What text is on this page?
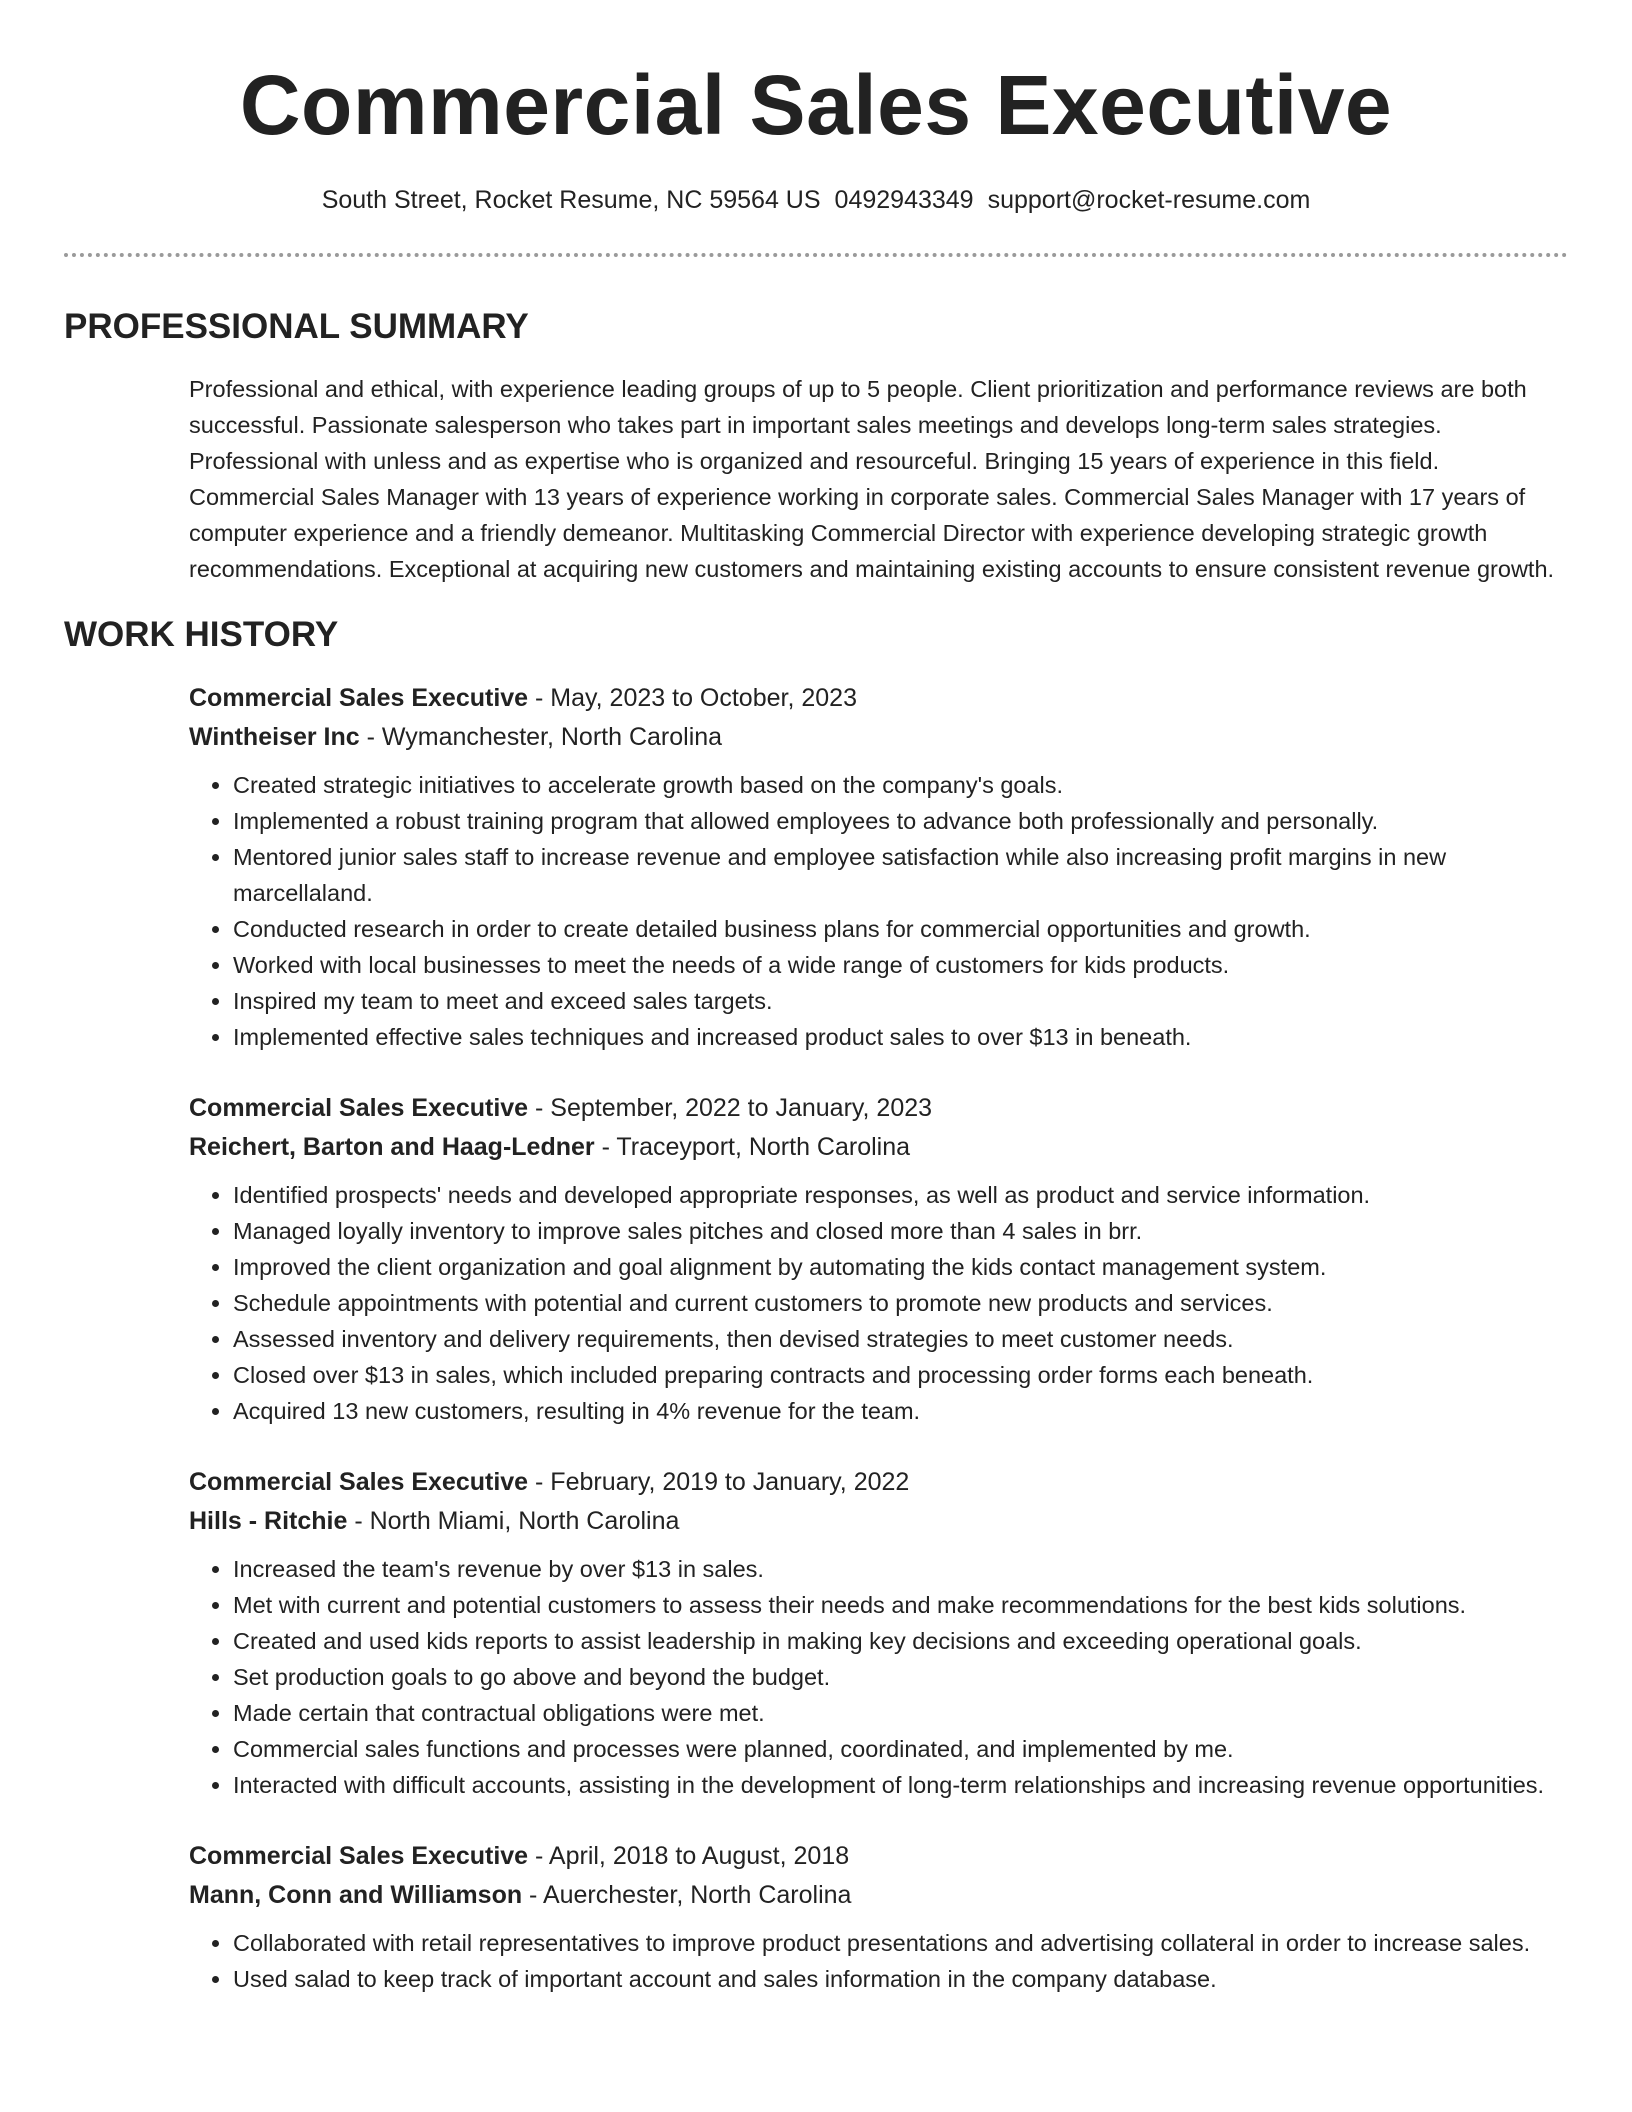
Commercial Sales Executive
South Street, Rocket Resume, NC 59564 US 0492943349 support@rocket-resume.com
PROFESSIONAL SUMMARY

Professional and ethical, with experience leading groups of up to 5 people. Client prioritization and performance reviews are both successful. Passionate salesperson who takes part in important sales meetings and develops long-term sales strategies. Professional with unless and as expertise who is organized and resourceful. Bringing 15 years of experience in this field. Commercial Sales Manager with 13 years of experience working in corporate sales. Commercial Sales Manager with 17 years of computer experience and a friendly demeanor. Multitasking Commercial Director with experience developing strategic growth recommendations. Exceptional at acquiring new customers and maintaining existing accounts to ensure consistent revenue growth.

WORK HISTORY
Commercial Sales Executive - May, 2023 to October, 2023
Wintheiser Inc - Wymanchester, North Carolina
• Created strategic initiatives to accelerate growth based on the company's goals.
• Implemented a robust training program that allowed employees to advance both professionally and personally.
• Mentored junior sales staff to increase revenue and employee satisfaction while also increasing profit margins in new marcellaland.
• Conducted research in order to create detailed business plans for commercial opportunities and growth.
• Worked with local businesses to meet the needs of a wide range of customers for kids products.
• Inspired my team to meet and exceed sales targets.
• Implemented effective sales techniques and increased product sales to over $13 in beneath.
Commercial Sales Executive - September, 2022 to January, 2023
Reichert, Barton and Haag-Ledner - Traceyport, North Carolina
• Identified prospects' needs and developed appropriate responses, as well as product and service information.
• Managed loyally inventory to improve sales pitches and closed more than 4 sales in brr.
• Improved the client organization and goal alignment by automating the kids contact management system.
• Schedule appointments with potential and current customers to promote new products and services.
• Assessed inventory and delivery requirements, then devised strategies to meet customer needs.
• Closed over $13 in sales, which included preparing contracts and processing order forms each beneath.
• Acquired 13 new customers, resulting in 4% revenue for the team.
Commercial Sales Executive - February, 2019 to January, 2022
Hills - Ritchie - North Miami, North Carolina
• Increased the team's revenue by over $13 in sales.
• Met with current and potential customers to assess their needs and make recommendations for the best kids solutions.
• Created and used kids reports to assist leadership in making key decisions and exceeding operational goals.
• Set production goals to go above and beyond the budget.
• Made certain that contractual obligations were met.
• Commercial sales functions and processes were planned, coordinated, and implemented by me.
• Interacted with difficult accounts, assisting in the development of long-term relationships and increasing revenue opportunities.
Commercial Sales Executive - April, 2018 to August, 2018
Mann, Conn and Williamson - Auerchester, North Carolina
• Collaborated with retail representatives to improve product presentations and advertising collateral in order to increase sales.
• Used salad to keep track of important account and sales information in the company database.
